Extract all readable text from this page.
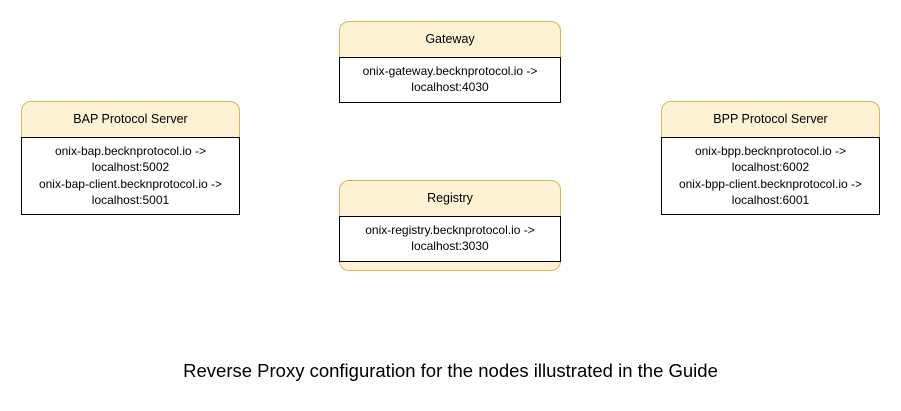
Gateway
onix-gateway.becknprotocol.io ->
localhost:4030
BAP Protocol Server
onix-bap.becknprotocol.io ->
localhost:5002
onix-bap-client.becknprotocol.io ->
localhost:5001
BPP Protocol Server
onix-bpp.becknprotocol.io ->
localhost:6002
onix-bpp-client.becknprotocol.io ->
localhost:6001
Registry
onix-registry.becknprotocol.io ->
localhost:3030
Reverse Proxy configuration for the nodes illustrated in the Guide
